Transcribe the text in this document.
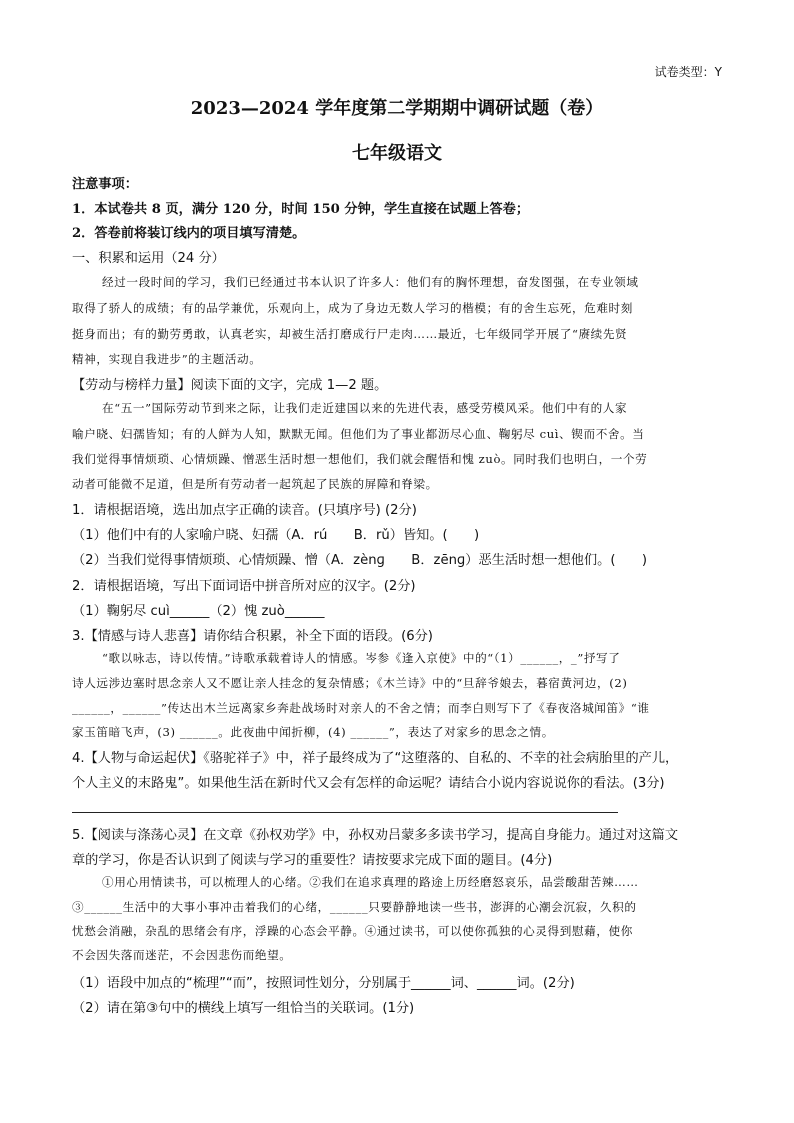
试卷类型：Y
2023—2024 学年度第二学期期中调研试题（卷）
七年级语文
注意事项：
1．本试卷共 8 页，满分 120 分，时间 150 分钟，学生直接在试题上答卷；
2．答卷前将装订线内的项目填写清楚。
一、积累和运用（24 分）
经过一段时间的学习，我们已经通过书本认识了许多人：他们有的胸怀理想，奋发图强，在专业领域
取得了骄人的成绩；有的品学兼优，乐观向上，成为了身边无数人学习的楷模；有的舍生忘死，危难时刻
挺身而出；有的勤劳勇敢，认真老实，却被生活打磨成行尸走肉……最近，七年级同学开展了“赓续先贤
精神，实现自我进步”的主题活动。
【劳动与榜样力量】阅读下面的文字，完成 1—2 题。
在“五一”国际劳动节到来之际，让我们走近建国以来的先进代表，感受劳模风采。他们中有的人家
喻户晓、妇孺皆知；有的人鲜为人知，默默无闻。但他们为了事业都沥尽心血、鞠躬尽 cuì、锲而不舍。当
我们觉得事情烦琐、心情烦躁、憎恶生活时想一想他们，我们就会醒悟和愧 zuò。同时我们也明白，一个劳
动者可能微不足道，但是所有劳动者一起筑起了民族的屏障和脊梁。
1．请根据语境，选出加点字正确的读音。(只填序号) (2分)
（1）他们中有的人家喻户晓、妇孺（A．rú　　B．rǔ）皆知。(　　)
（2）当我们觉得事情烦琐、心情烦躁、憎（A．zènɡ　　B．zēnɡ）恶生活时想一想他们。(　　)
2．请根据语境，写出下面词语中拼音所对应的汉字。(2分)
（1）鞠躬尽 cuì______（2）愧 zuò______
3.【情感与诗人悲喜】请你结合积累，补全下面的语段。(6分)
“歌以咏志，诗以传情。”诗歌承载着诗人的情感。岑参《逢入京使》中的“（1）______，_”抒写了
诗人远涉边塞时思念亲人又不愿让亲人挂念的复杂情感；《木兰诗》中的“旦辞爷娘去，暮宿黄河边，(2)
______，______”传达出木兰远离家乡奔赴战场时对亲人的不舍之情；而李白则写下了《春夜洛城闻笛》“谁
家玉笛暗飞声，(3) ______。此夜曲中闻折柳，(4) ______”，表达了对家乡的思念之情。
4.【人物与命运起伏】《骆驼祥子》中，祥子最终成为了“这堕落的、自私的、不幸的社会病胎里的产儿，
个人主义的末路鬼”。如果他生活在新时代又会有怎样的命运呢？请结合小说内容说说你的看法。(3分)
5.【阅读与涤荡心灵】在文章《孙权劝学》中，孙权劝吕蒙多多读书学习，提高自身能力。通过对这篇文
章的学习，你是否认识到了阅读与学习的重要性？请按要求完成下面的题目。(4分)
①用心用情读书，可以梳理人的心绪。②我们在追求真理的路途上历经磨怒哀乐，品尝酸甜苦辣……
③______生活中的大事小事冲击着我们的心绪，______只要静静地读一些书，澎湃的心潮会沉寂，久积的
忧愁会消融，杂乱的思绪会有序，浮躁的心态会平静。④通过读书，可以使你孤独的心灵得到慰藉，使你
不会因失落而迷茫，不会因悲伤而绝望。
（1）语段中加点的“梳理”“而”，按照词性划分，分别属于______词、______词。(2分)
（2）请在第③句中的横线上填写一组恰当的关联词。(1分)
